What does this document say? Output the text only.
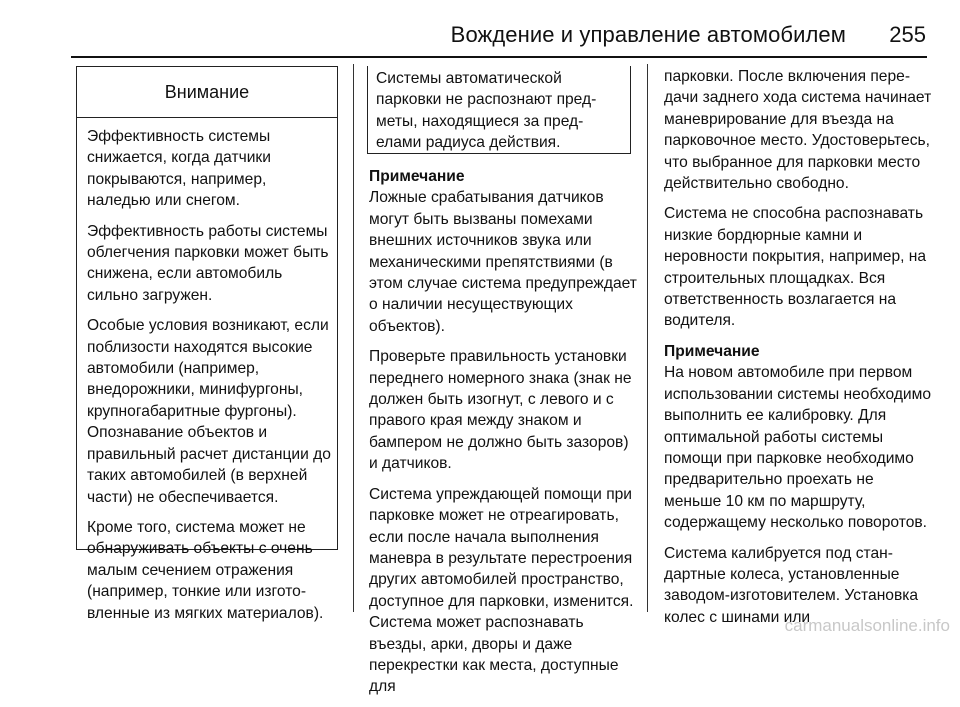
Вождение и управление автомобилем 255
Внимание

Эффективность системы снижается, когда датчики покрываются, например, наледью или снегом.

Эффективность работы системы облегчения парковки может быть снижена, если автомобиль сильно загружен.

Особые условия возникают, если поблизости находятся высокие автомобили (например, внедорожники, минифургоны, крупногабаритные фургоны). Опознавание объектов и правильный расчет дистанции до таких автомобилей (в верхней части) не обеспечивается.

Кроме того, система может не обнаруживать объекты с очень малым сечением отражения (например, тонкие или изготовленные из мягких материалов).

Системы автоматической парковки не распознают предметы, находящиеся за пределами радиуса действия.

Примечание
Ложные срабатывания датчиков могут быть вызваны помехами внешних источников звука или механическими препятствиями (в этом случае система предупреждает о наличии несуществующих объектов).

Проверьте правильность установки переднего номерного знака (знак не должен быть изогнут, с левого и с правого края между знаком и бампером не должно быть зазоров) и датчиков.

Система упреждающей помощи при парковке может не отреагировать, если после начала выполнения маневра в результате перестроения других автомобилей пространство, доступное для парковки, изменится. Система может распознавать въезды, арки, дворы и даже перекрестки как места, доступные для

парковки. После включения передачи заднего хода система начинает маневрирование для въезда на парковочное место. Удостоверьтесь, что выбранное для парковки место действительно свободно.

Система не способна распознавать низкие бордюрные камни и неровности покрытия, например, на строительных площадках. Вся ответственность возлагается на водителя.

Примечание
На новом автомобиле при первом использовании системы необходимо выполнить ее калибровку. Для оптимальной работы системы помощи при парковке необходимо предварительно проехать не меньше 10 км по маршруту, содержащему несколько поворотов.

Система калибруется под стандартные колеса, установленные заводом-изготовителем. Установка колес с шинами или

carmanualsonline.info
